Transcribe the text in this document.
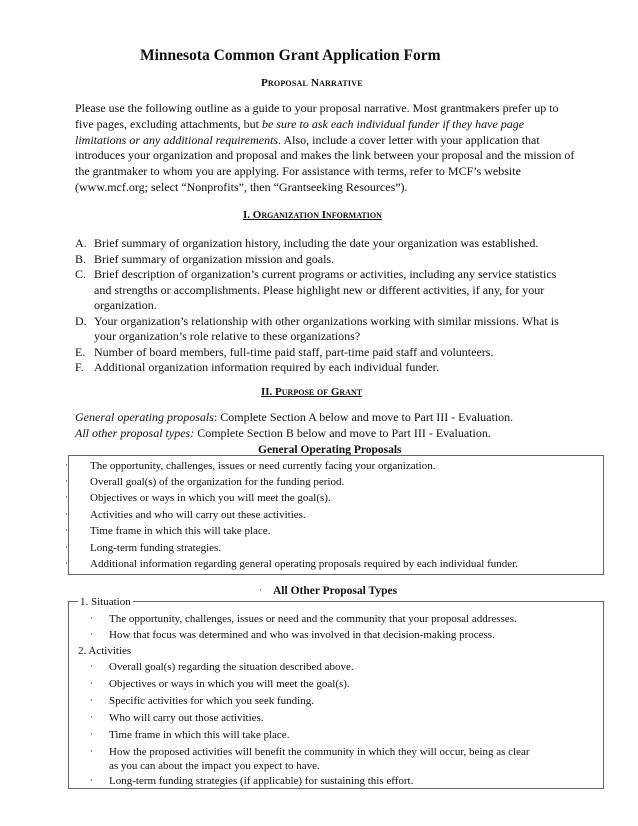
Minnesota Common Grant Application Form
Proposal Narrative

Please use the following outline as a guide to your proposal narrative. Most grantmakers prefer up to five pages, excluding attachments, but be sure to ask each individual funder if they have page limitations or any additional requirements. Also, include a cover letter with your application that introduces your organization and proposal and makes the link between your proposal and the mission of the grantmaker to whom you are applying. For assistance with terms, refer to MCF’s website (www.mcf.org; select “Nonprofits”, then “Grantseeking Resources”).

I. Organization Information
A. Brief summary of organization history, including the date your organization was established.
B. Brief summary of organization mission and goals.
C. Brief description of organization’s current programs or activities, including any service statistics and strengths or accomplishments. Please highlight new or different activities, if any, for your organization.
D. Your organization’s relationship with other organizations working with similar missions. What is your organization’s role relative to these organizations?
E. Number of board members, full-time paid staff, part-time paid staff and volunteers.
F. Additional organization information required by each individual funder.
II. Purpose of Grant
General operating proposals: Complete Section A below and move to Part III - Evaluation.
All other proposal types: Complete Section B below and move to Part III - Evaluation.
General Operating Proposals
· The opportunity, challenges, issues or need currently facing your organization.
· Overall goal(s) of the organization for the funding period.
· Objectives or ways in which you will meet the goal(s).
· Activities and who will carry out these activities.
· Time frame in which this will take place.
· Long-term funding strategies.
· Additional information regarding general operating proposals required by each individual funder.
· All Other Proposal Types
1. Situation
· The opportunity, challenges, issues or need and the community that your proposal addresses.
· How that focus was determined and who was involved in that decision-making process.
2. Activities
· Overall goal(s) regarding the situation described above.
· Objectives or ways in which you will meet the goal(s).
· Specific activities for which you seek funding.
· Who will carry out those activities.
· Time frame in which this will take place.
· How the proposed activities will benefit the community in which they will occur, being as clear
as you can about the impact you expect to have.
· Long-term funding strategies (if applicable) for sustaining this effort.
